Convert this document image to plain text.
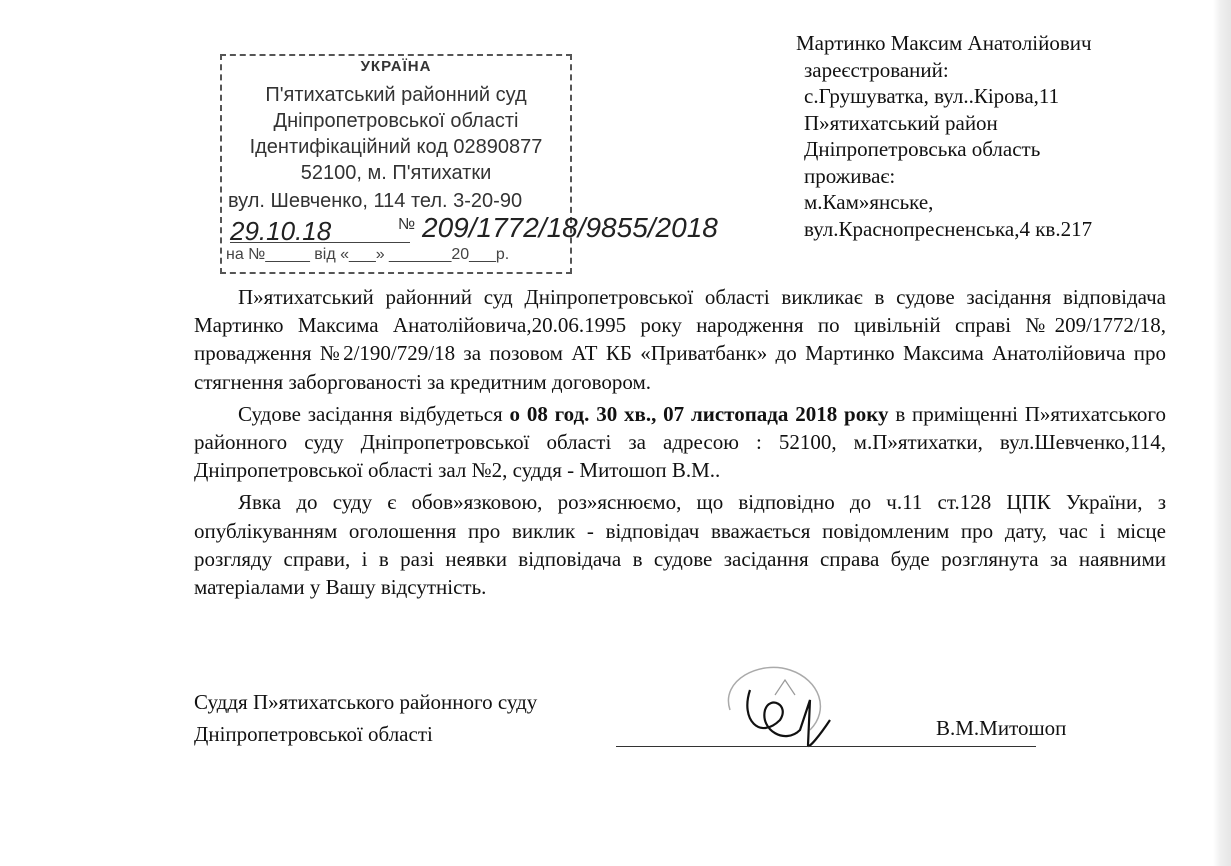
УКРАЇНА
П'ятихатський районний суд
Дніпропетровської області
Ідентифікаційний код 02890877
52100, м. П'ятихатки
вул. Шевченко, 114 тел. 3-20-90
29.10.18	№ 209/1772/18/9855/2018
на №_____ від «___» _______20___р.
Мартинко Максим Анатолійович
зареєстрований:
с.Грушуватка, вул..Кірова,11
П»ятихатський район
Дніпропетровська область
проживає:
м.Кам»янське,
вул.Краснопресненська,4 кв.217

П»ятихатський районний суд Дніпропетровської області викликає в судове засідання відповідача Мартинко Максима Анатолійовича,20.06.1995 року народження по цивільній справі №209/1772/18, провадження №2/190/729/18 за позовом АТ КБ «Приватбанк» до Мартинко Максима Анатолійовича про стягнення заборгованості за кредитним договором.

Судове засідання відбудеться о 08 год. 30 хв., 07 листопада 2018 року в приміщенні П»ятихатського районного суду Дніпропетровської області за адресою : 52100, м.П»ятихатки, вул.Шевченко,114, Дніпропетровської області зал №2, суддя - Митошоп В.М..

Явка до суду є обов»язковою, роз»яснюємо, що відповідно до ч.11 ст.128 ЦПК України, з опублікуванням оголошення про виклик - відповідач вважається повідомленим про дату, час і місце розгляду справи, і в разі неявки відповідача в судове засідання справа буде розглянута за наявними матеріалами у Вашу відсутність.

Суддя П»ятихатського районного суду
Дніпропетровської області	В.М.Митошоп
